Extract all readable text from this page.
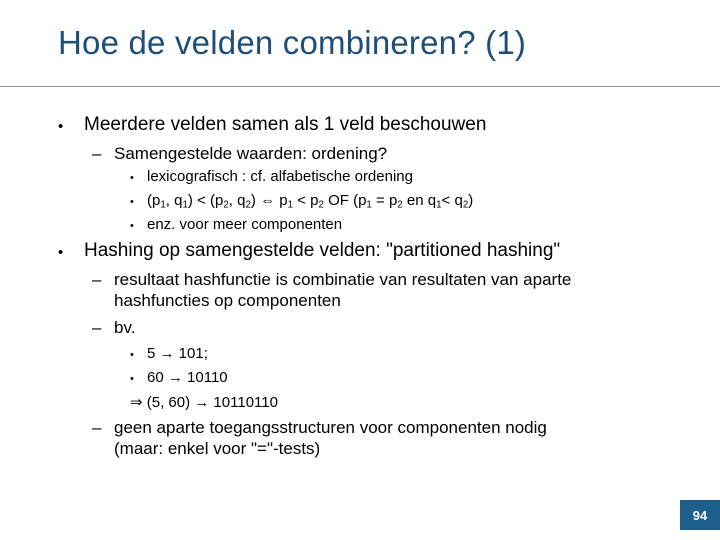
Hoe de velden combineren? (1)
• Meerdere velden samen als 1 veld beschouwen
– Samengestelde waarden: ordening?
• lexicografisch : cf. alfabetische ordening
• ($p_1$, $q_1) < (p_2$, $q_2$) ⇔ $p_1 < p_2$ OF ($p_1 = p_2$ en $q_1< q_2$)
• enz. voor meer componenten
• Hashing op samengestelde velden: "partitioned hashing"
– resultaat hashfunctie is combinatie van resultaten van aparte
hashfuncties op componenten
– bv.
• 5 → 101;
• 60 → 10110
⇒ (5, 60) → 10110110
– geen aparte toegangsstructuren voor componenten nodig
(maar: enkel voor "="-tests)
94
